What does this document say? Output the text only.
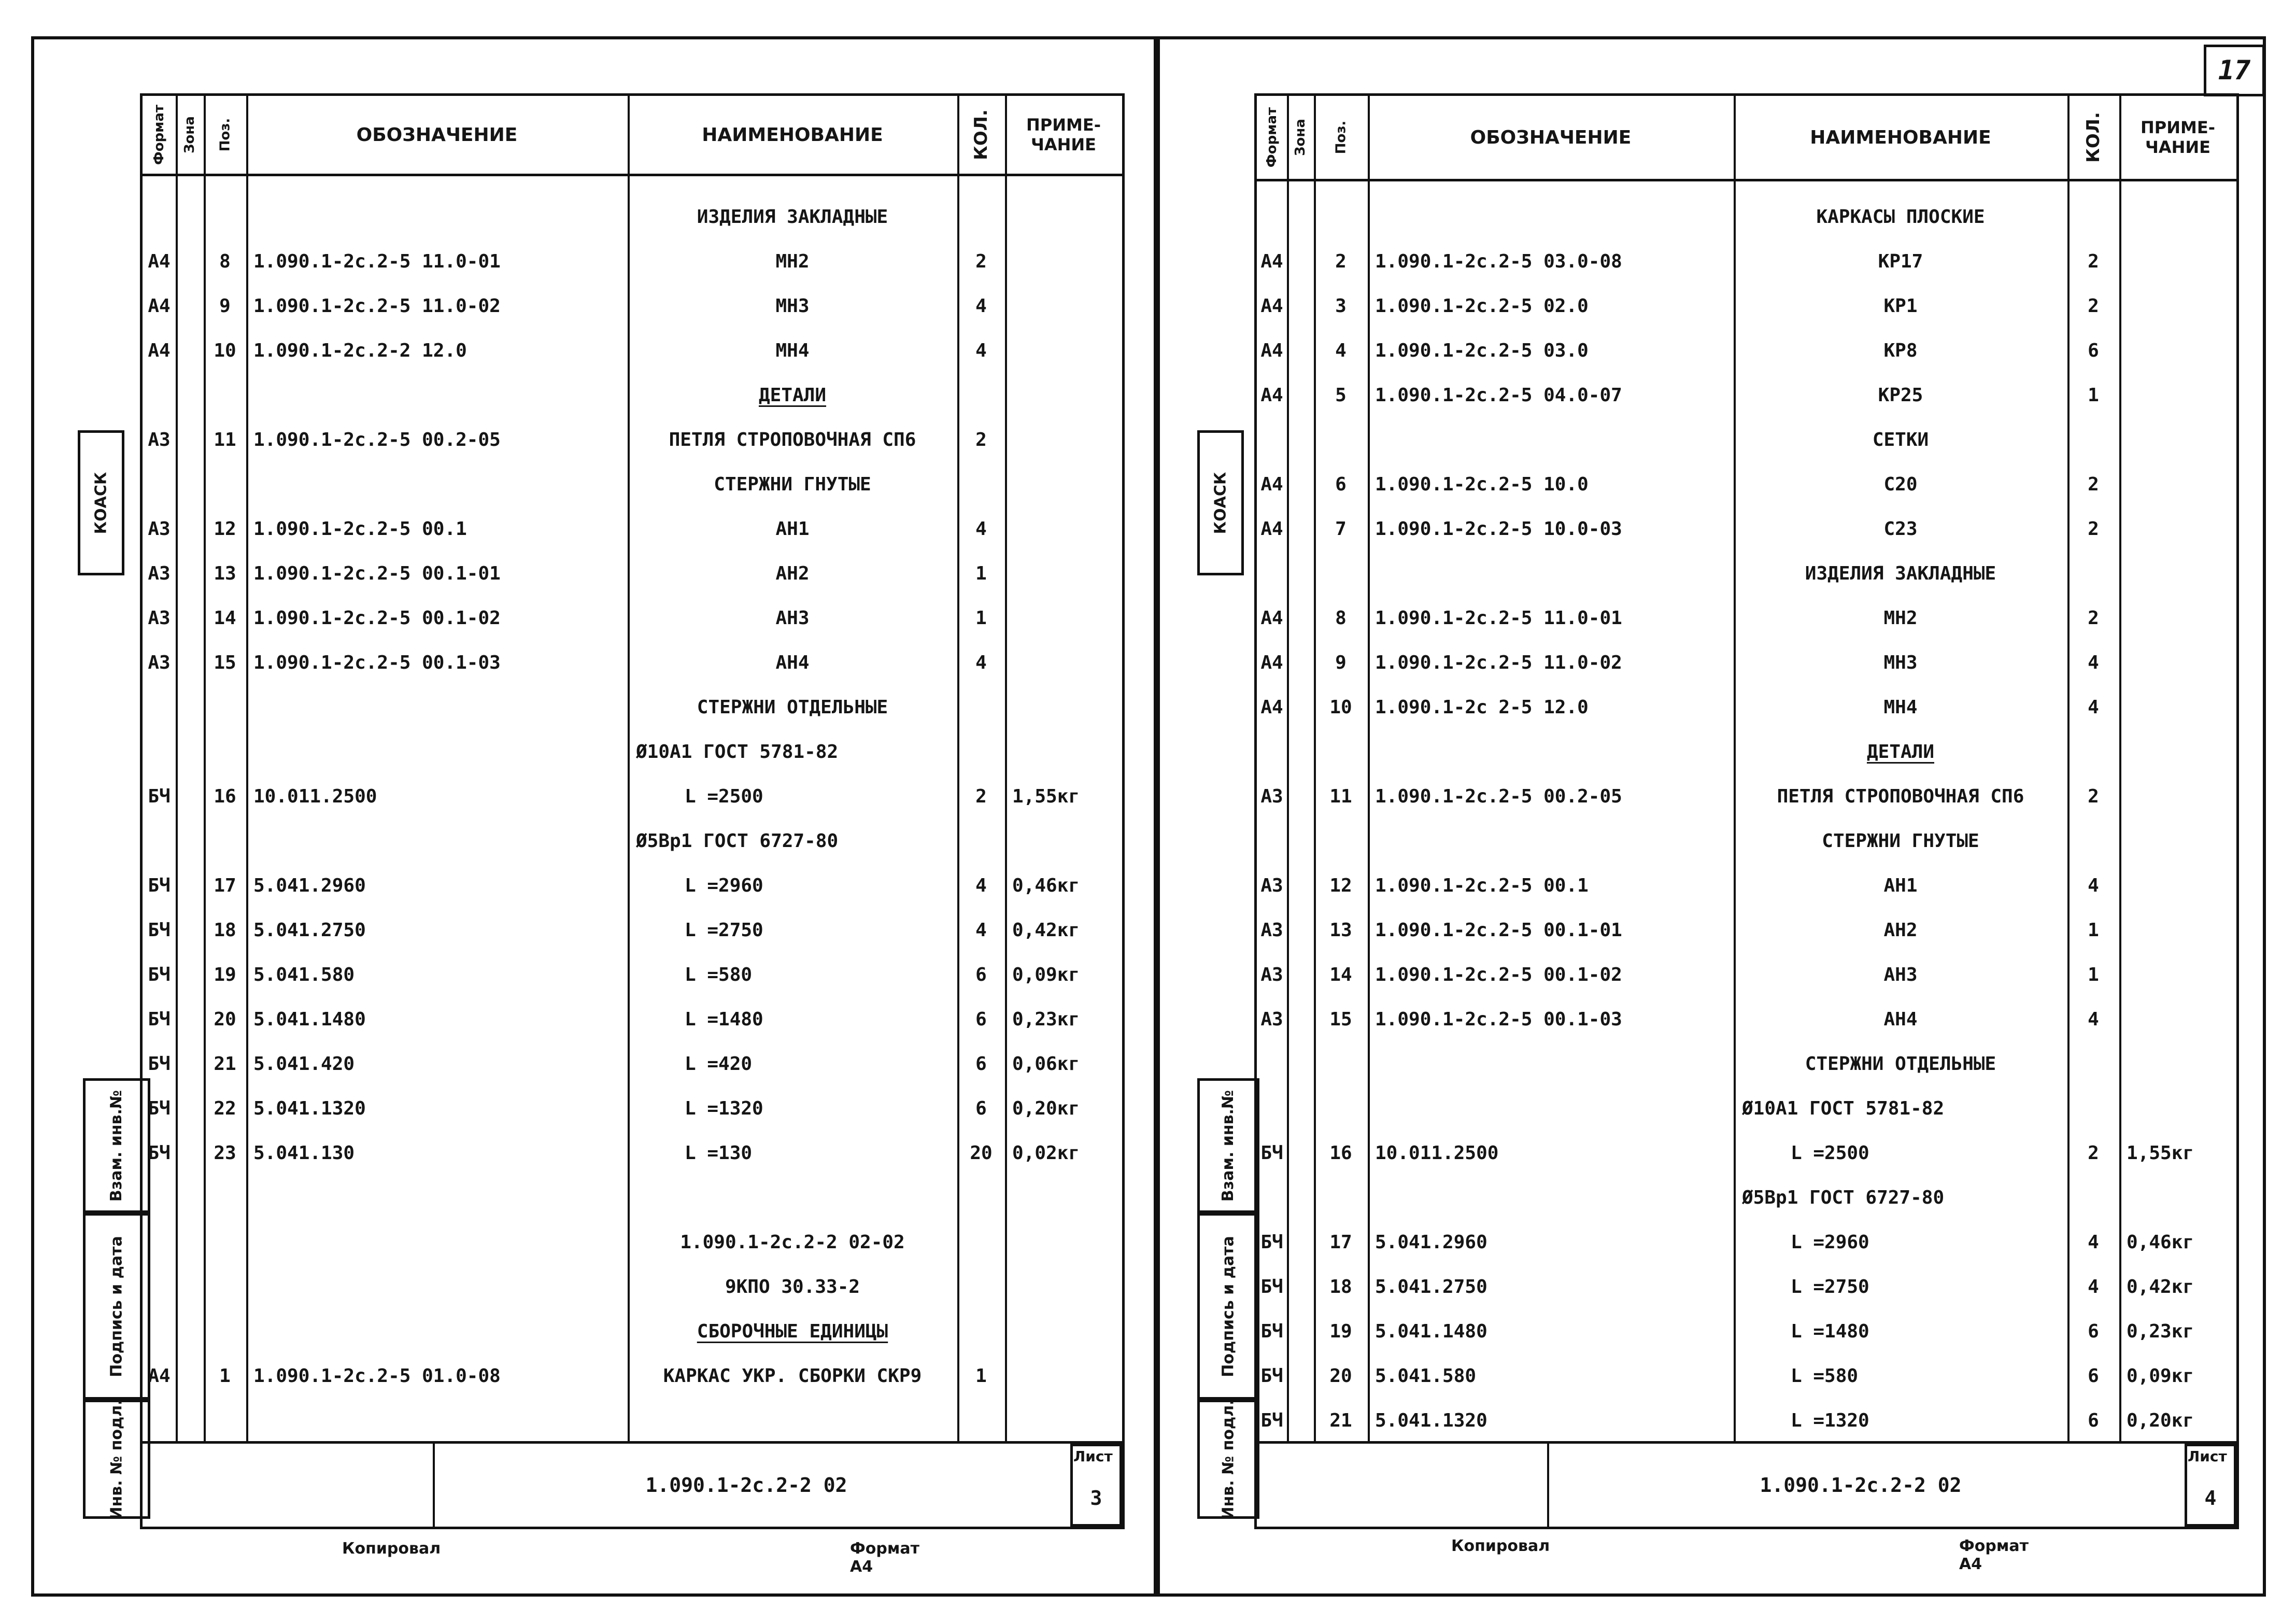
17
КОАСК
Взам. инв.№
Подпись и дата
Инв. № подл.
Формат Зона Поз.	ОБОЗНАЧЕНИЕ	НАИМЕНОВАНИЕ	КОЛ.	ПРИМЕ-
ЧАНИЕ
ИЗДЕЛИЯ ЗАКЛАДНЫЕ
А4	8	1.090.1-2с.2-5 11.0-01	МН2	2
А4	9	1.090.1-2с.2-5 11.0-02	МН3	4
А4	10 1.090.1-2с.2-2 12.0	МН4	4
ДЕТАЛИ
А3	11 1.090.1-2с.2-5 00.2-05	ПЕТЛЯ СТРОПОВОЧНАЯ СП6	2
СТЕРЖНИ ГНУТЫЕ
А3	12 1.090.1-2с.2-5 00.1	АН1	4
А3	13 1.090.1-2с.2-5 00.1-01	АН2	1
А3	14 1.090.1-2с.2-5 00.1-02	АН3	1
А3	15 1.090.1-2с.2-5 00.1-03	АН4	4
СТЕРЖНИ ОТДЕЛЬНЫЕ
Ø10А1 ГОСТ 5781-82
БЧ	16 10.011.2500	L =2500	2	1,55кг
Ø5Вр1 ГОСТ 6727-80
БЧ	17 5.041.2960	L =2960	4	0,46кг
БЧ	18 5.041.2750	L =2750	4	0,42кг
БЧ	19 5.041.580	L =580	6	0,09кг
БЧ	20 5.041.1480	L =1480	6	0,23кг
БЧ	21 5.041.420	L =420	6	0,06кг
БЧ	22 5.041.1320	L =1320	6	0,20кг
БЧ	23 5.041.130	L =130	20	0,02кг
1.090.1-2с.2-2 02-02
9КПО 30.33-2
СБОРОЧНЫЕ ЕДИНИЦЫ
А4	1	1.090.1-2с.2-5 01.0-08	КАРКАС УКР. СБОРКИ СКР9	1
1.090.1-2с.2-2 02
Лист
3
Копировал	Формат А4
КОАСК
Взам. инв.№
Подпись и дата
Инв. № подл.
Формат Зона Поз.	ОБОЗНАЧЕНИЕ	НАИМЕНОВАНИЕ	КОЛ.	ПРИМЕ-
ЧАНИЕ
КАРКАСЫ ПЛОСКИЕ
А4	2	1.090.1-2с.2-5 03.0-08	КР17	2
А4	3	1.090.1-2с.2-5 02.0	КР1	2
А4	4	1.090.1-2с.2-5 03.0	КР8	6
А4	5	1.090.1-2с.2-5 04.0-07	КР25	1
СЕТКИ
А4	6	1.090.1-2с.2-5 10.0	С20	2
А4	7	1.090.1-2с.2-5 10.0-03	С23	2
ИЗДЕЛИЯ ЗАКЛАДНЫЕ
А4	8	1.090.1-2с.2-5 11.0-01	МН2	2
А4	9	1.090.1-2с.2-5 11.0-02	МН3	4
А4	10	1.090.1-2с 2-5 12.0	МН4	4
ДЕТАЛИ
А3	11	1.090.1-2с.2-5 00.2-05	ПЕТЛЯ СТРОПОВОЧНАЯ СП6	2
СТЕРЖНИ ГНУТЫЕ
А3	12	1.090.1-2с.2-5 00.1	АН1	4
А3	13	1.090.1-2с.2-5 00.1-01	АН2	1
А3	14	1.090.1-2с.2-5 00.1-02	АН3	1
А3	15	1.090.1-2с.2-5 00.1-03	АН4	4
СТЕРЖНИ ОТДЕЛЬНЫЕ
Ø10А1 ГОСТ 5781-82
БЧ	16	10.011.2500	L =2500	2	1,55кг
Ø5Вр1 ГОСТ 6727-80
БЧ	17	5.041.2960	L =2960	4	0,46кг
БЧ	18	5.041.2750	L =2750	4	0,42кг
БЧ	19	5.041.1480	L =1480	6	0,23кг
БЧ	20	5.041.580	L =580	6	0,09кг
БЧ	21	5.041.1320	L =1320	6	0,20кг
1.090.1-2с.2-2 02
Лист
4
Копировал	Формат А4
